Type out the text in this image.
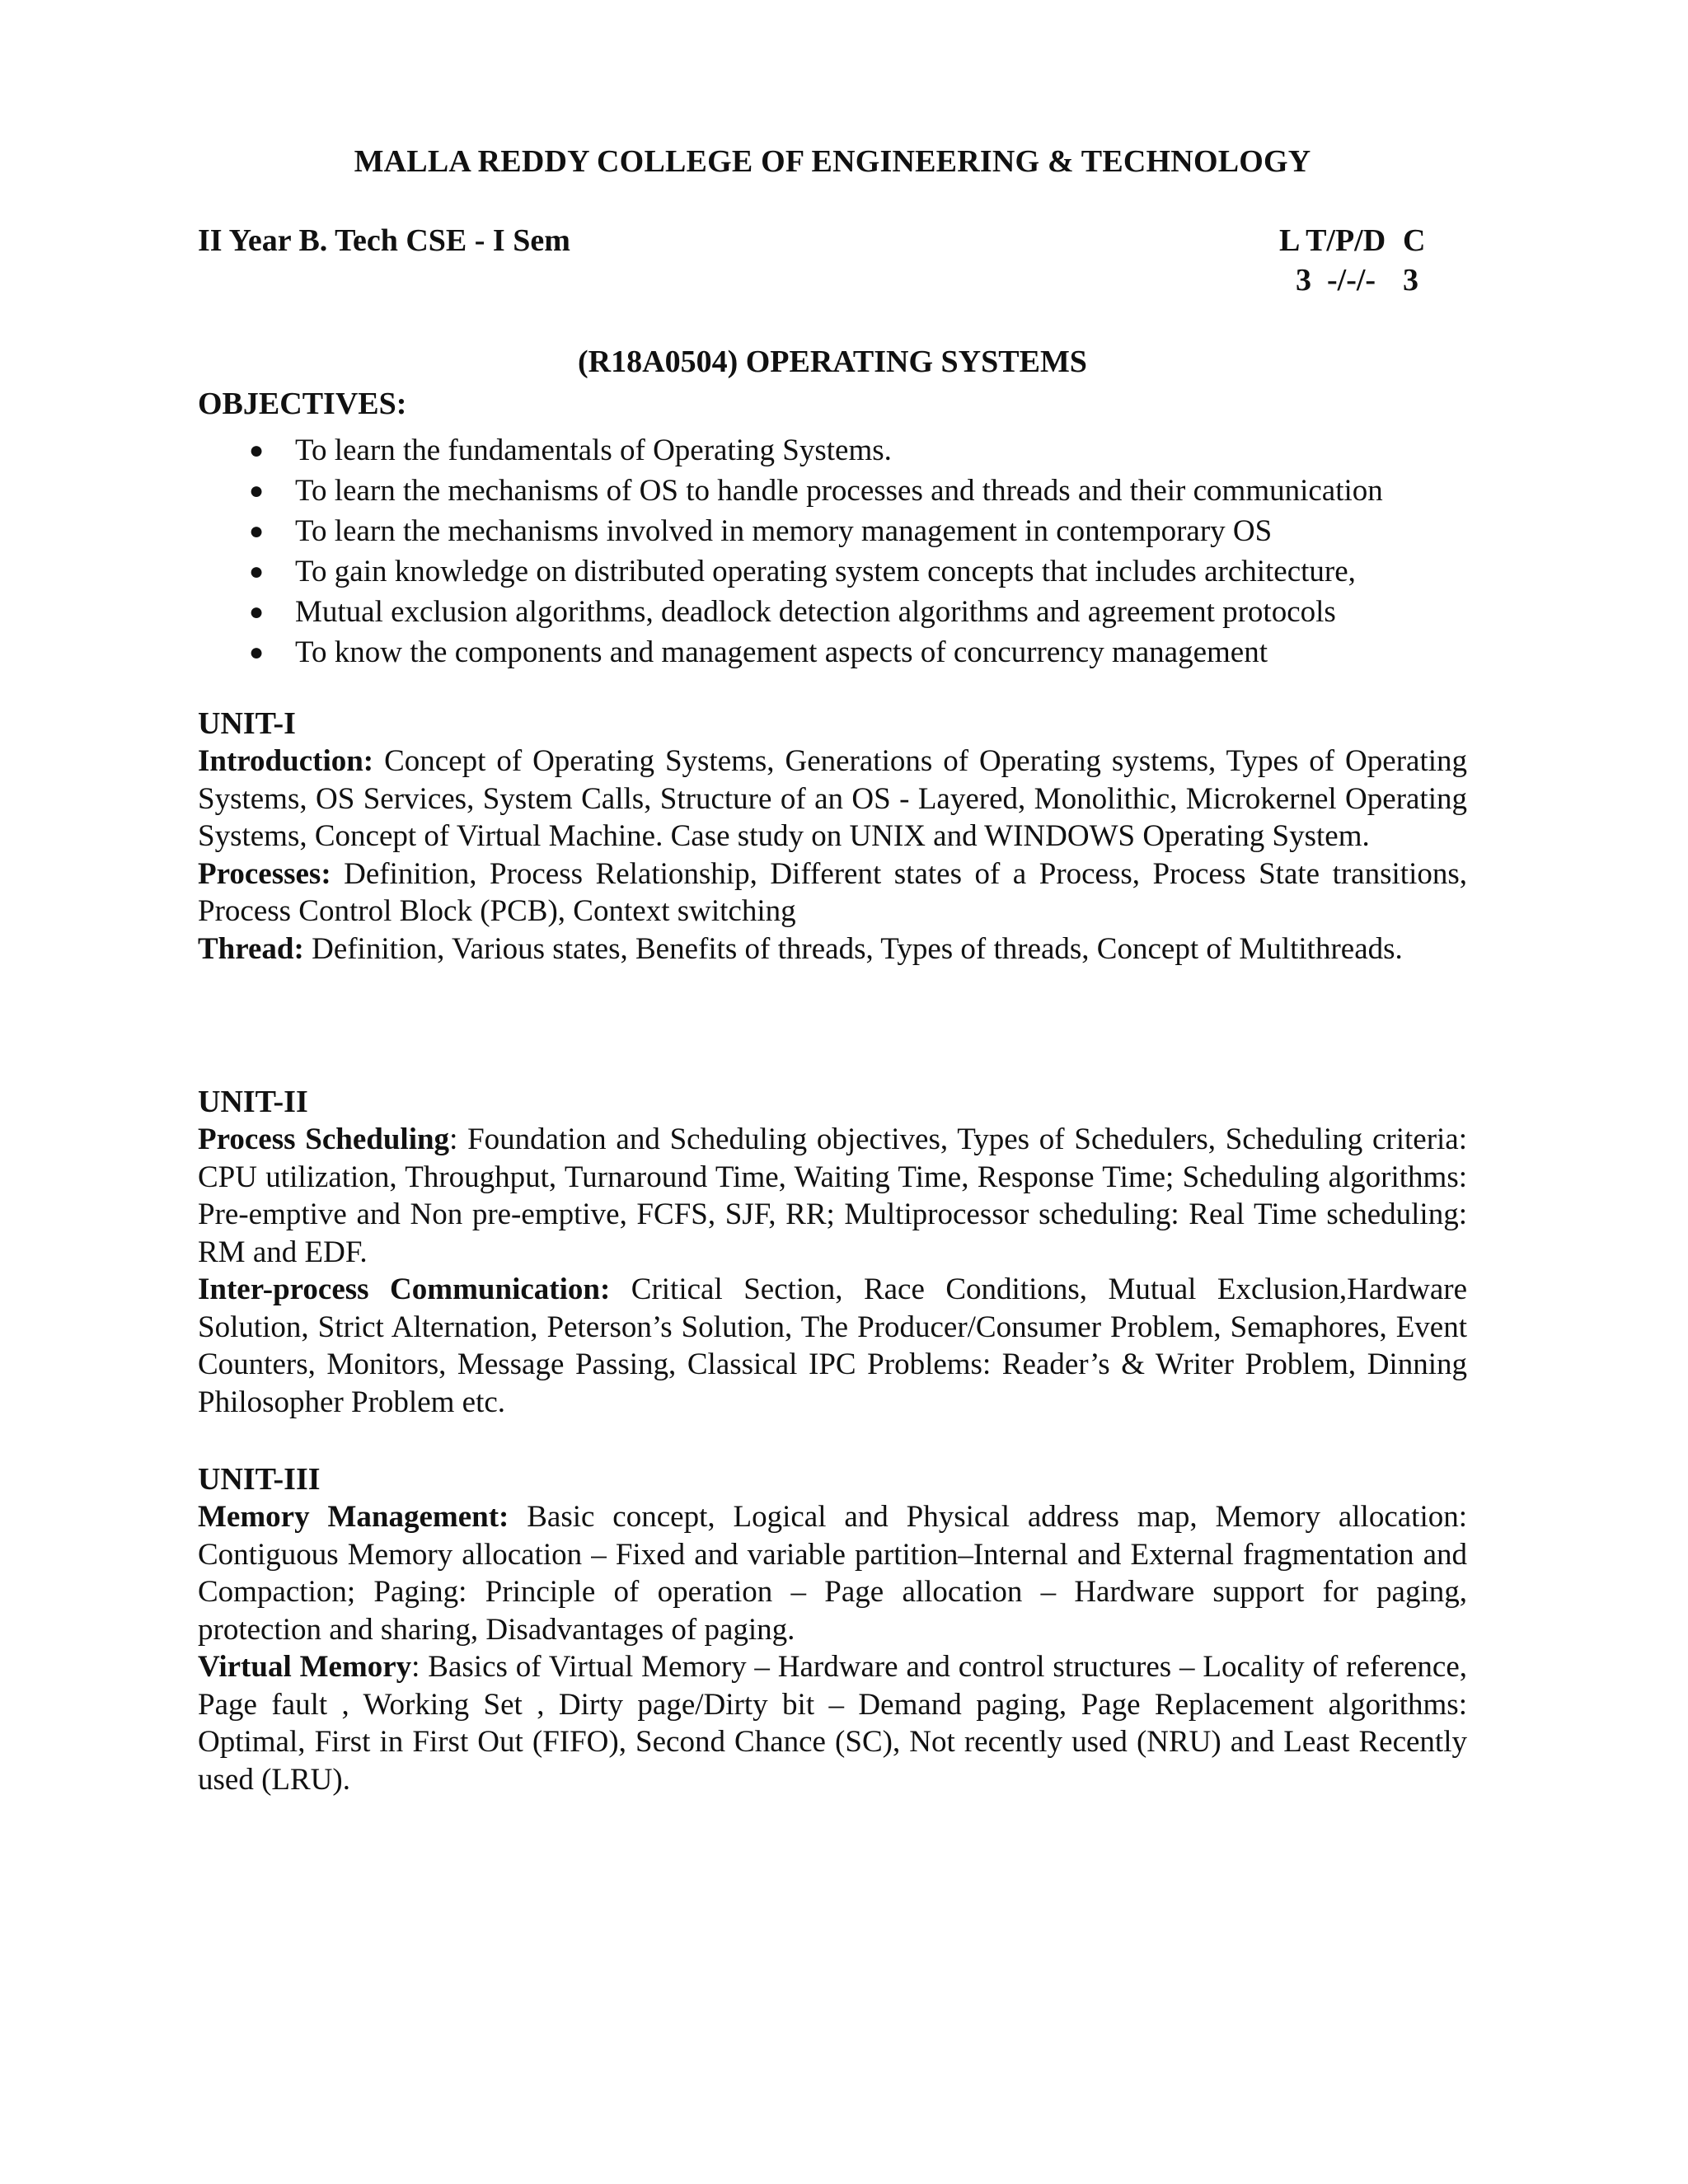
MALLA REDDY COLLEGE OF ENGINEERING & TECHNOLOGY
II Year B. Tech CSE - I Sem	L T/P/D C
3  -/-/- 3
(R18A0504) OPERATING SYSTEMS
OBJECTIVES:
● To learn the fundamentals of Operating Systems.
● To learn the mechanisms of OS to handle processes and threads and their communication
● To learn the mechanisms involved in memory management in contemporary OS
● To gain knowledge on distributed operating system concepts that includes architecture,
● Mutual exclusion algorithms, deadlock detection algorithms and agreement protocols
● To know the components and management aspects of concurrency management
UNIT-I
Introduction: Concept of Operating Systems, Generations of Operating systems, Types of Operating Systems, OS Services, System Calls, Structure of an OS - Layered, Monolithic, Microkernel Operating Systems, Concept of Virtual Machine. Case study on UNIX and WINDOWS Operating System.
Processes: Definition, Process Relationship, Different states of a Process, Process State transitions, Process Control Block (PCB), Context switching
Thread: Definition, Various states, Benefits of threads, Types of threads, Concept of Multithreads.
UNIT-II
Process Scheduling: Foundation and Scheduling objectives, Types of Schedulers, Scheduling criteria: CPU utilization, Throughput, Turnaround Time, Waiting Time, Response Time; Scheduling algorithms: Pre-emptive and Non pre-emptive, FCFS, SJF, RR; Multiprocessor scheduling: Real Time scheduling: RM and EDF.
Inter-process Communication: Critical Section, Race Conditions, Mutual Exclusion,Hardware Solution, Strict Alternation, Peterson’s Solution, The Producer/Consumer Problem, Semaphores, Event Counters, Monitors, Message Passing, Classical IPC Problems: Reader’s & Writer Problem, Dinning Philosopher Problem etc.
UNIT-III
Memory Management: Basic concept, Logical and Physical address map, Memory allocation: Contiguous Memory allocation – Fixed and variable partition–Internal and External fragmentation and Compaction; Paging: Principle of operation – Page allocation – Hardware support for paging, protection and sharing, Disadvantages of paging.
Virtual Memory: Basics of Virtual Memory – Hardware and control structures – Locality of reference, Page fault , Working Set , Dirty page/Dirty bit – Demand paging, Page Replacement algorithms: Optimal, First in First Out (FIFO), Second Chance (SC), Not recently used (NRU) and Least Recently used (LRU).
